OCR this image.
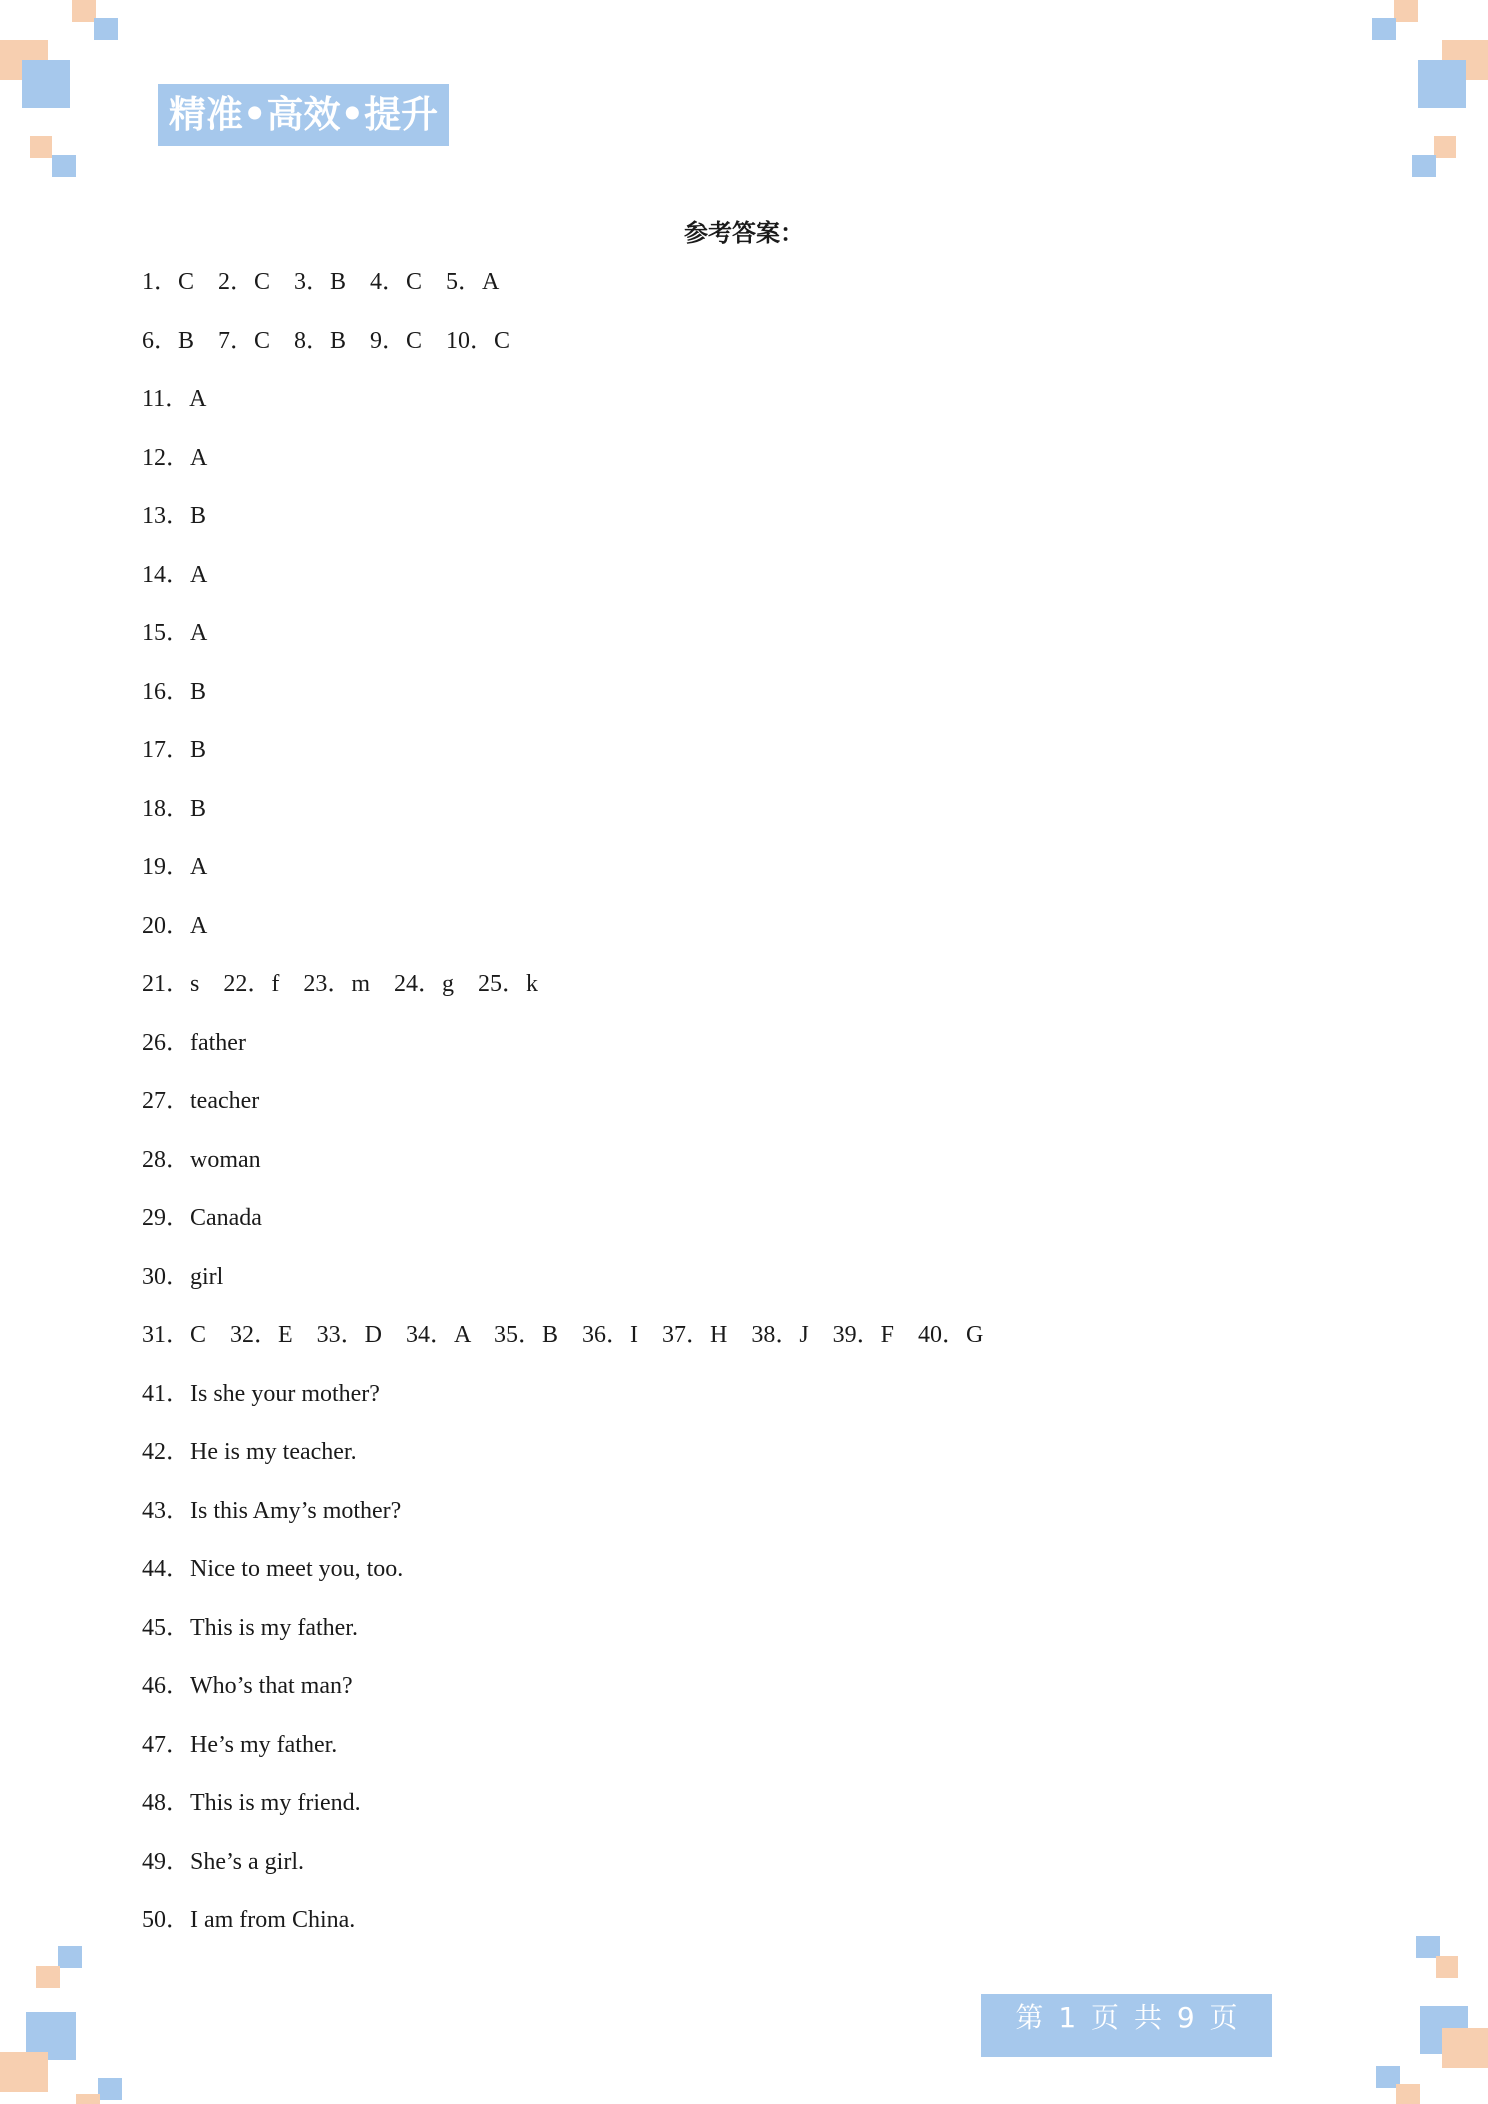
精准•高效•提升
参考答案：
1．C    2．C    3．B    4．C    5．A
6．B    7．C    8．B    9．C    10．C
11．A
12．A
13．B
14．A
15．A
16．B
17．B
18．B
19．A
20．A
21．s    22．f    23．m    24．g    25．k
26．father
27．teacher
28．woman
29．Canada
30．girl
31．C    32．E    33．D    34．A    35．B    36．I    37．H    38．J    39．F    40．G
41．Is she your mother?
42．He is my teacher.
43．Is this Amy’s mother?
44．Nice to meet you, too.
45．This is my father.
46．Who’s that man?
47．He’s my father.
48．This is my friend.
49．She’s a girl.
50．I am from China.
第 1 页 共 9 页
